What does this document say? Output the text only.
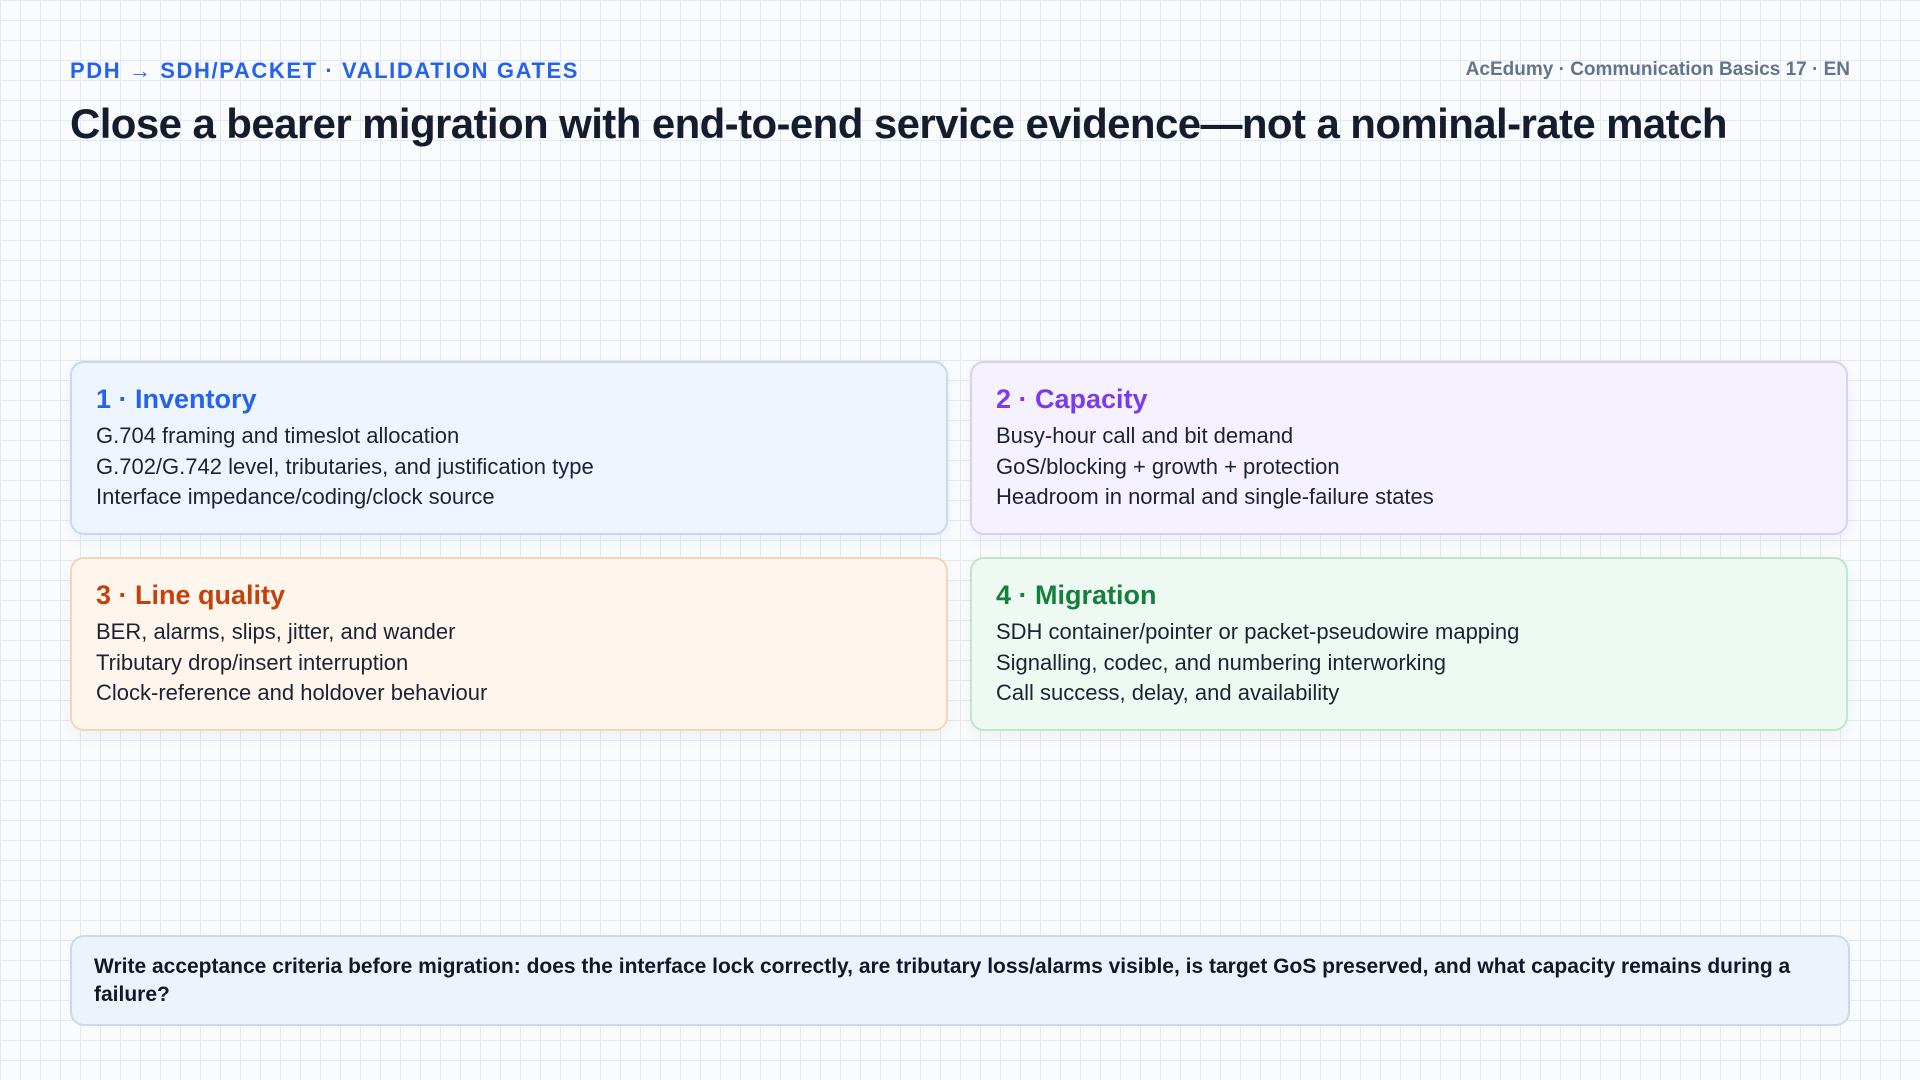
PDH → SDH/PACKET · VALIDATION GATES	AcEdumy · Communication Basics 17 · EN
Close a bearer migration with end-to-end service evidence—not a nominal-rate match
1 · Inventory
G.704 framing and timeslot allocation
G.702/G.742 level, tributaries, and justification type
Interface impedance/coding/clock source
2 · Capacity
Busy-hour call and bit demand
GoS/blocking + growth + protection
Headroom in normal and single-failure states
3 · Line quality
BER, alarms, slips, jitter, and wander
Tributary drop/insert interruption
Clock-reference and holdover behaviour
4 · Migration
SDH container/pointer or packet-pseudowire mapping
Signalling, codec, and numbering interworking
Call success, delay, and availability
Write acceptance criteria before migration: does the interface lock correctly, are tributary loss/alarms visible, is target GoS preserved, and what capacity remains during a failure?
